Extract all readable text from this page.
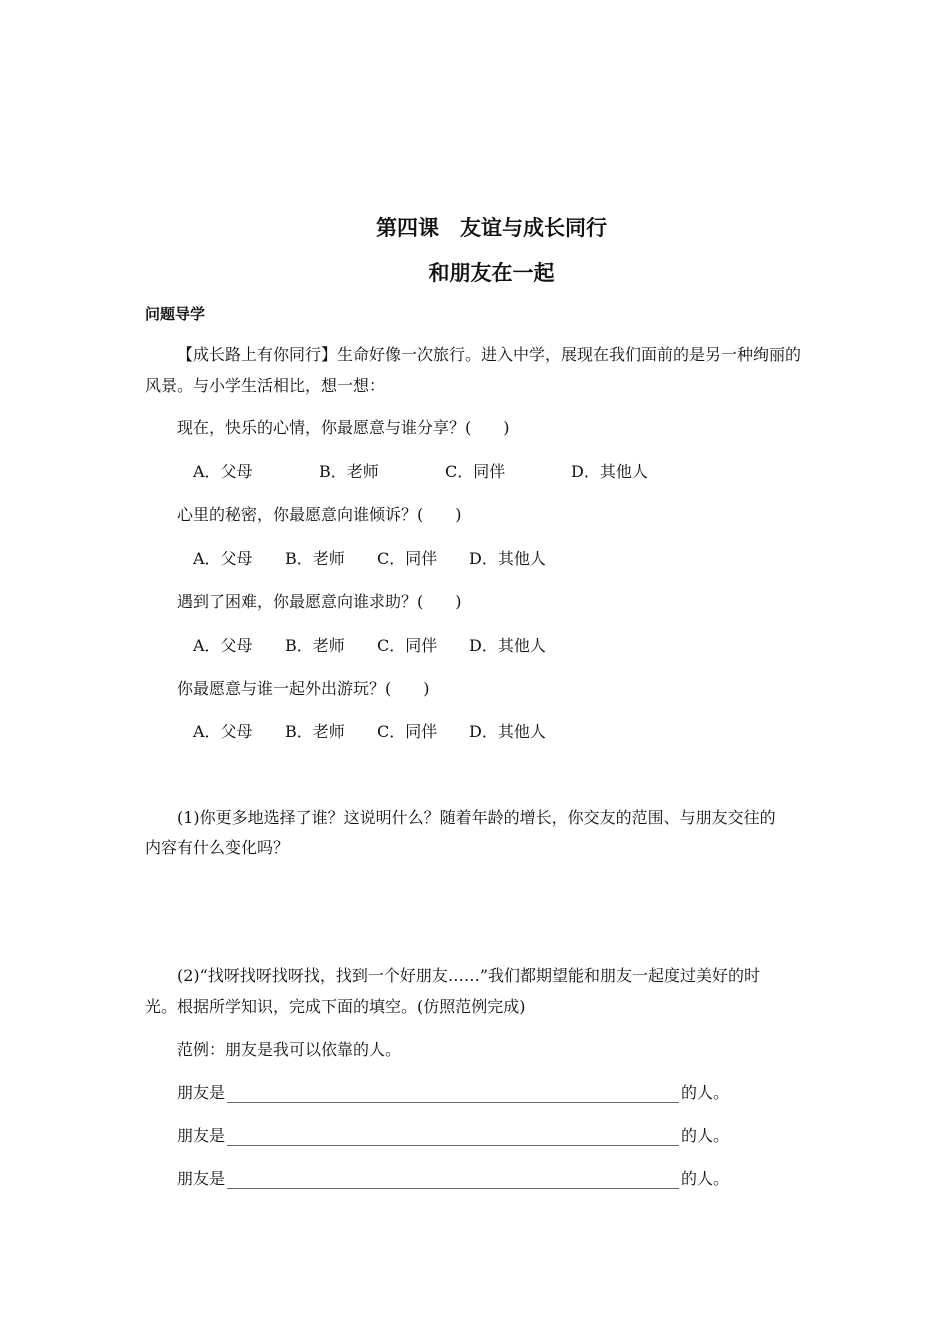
第四课　友谊与成长同行
和朋友在一起
问题导学
【成长路上有你同行】生命好像一次旅行。进入中学，展现在我们面前的是另一种绚丽的
风景。与小学生活相比，想一想：
现在，快乐的心情，你最愿意与谁分享？(　　)
A．父母	B．老师	C．同伴	D．其他人
心里的秘密，你最愿意向谁倾诉？(　　)
A．父母 B．老师 C．同伴 D．其他人
遇到了困难，你最愿意向谁求助？(　　)
A．父母 B．老师 C．同伴 D．其他人
你最愿意与谁一起外出游玩？(　　)
A．父母 B．老师 C．同伴 D．其他人
(1)你更多地选择了谁？这说明什么？随着年龄的增长，你交友的范围、与朋友交往的
内容有什么变化吗？
(2)“找呀找呀找呀找，找到一个好朋友……”我们都期望能和朋友一起度过美好的时
光。根据所学知识，完成下面的填空。(仿照范例完成)
范例：朋友是我可以依靠的人。
朋友是	的人。
朋友是	的人。
朋友是	的人。
